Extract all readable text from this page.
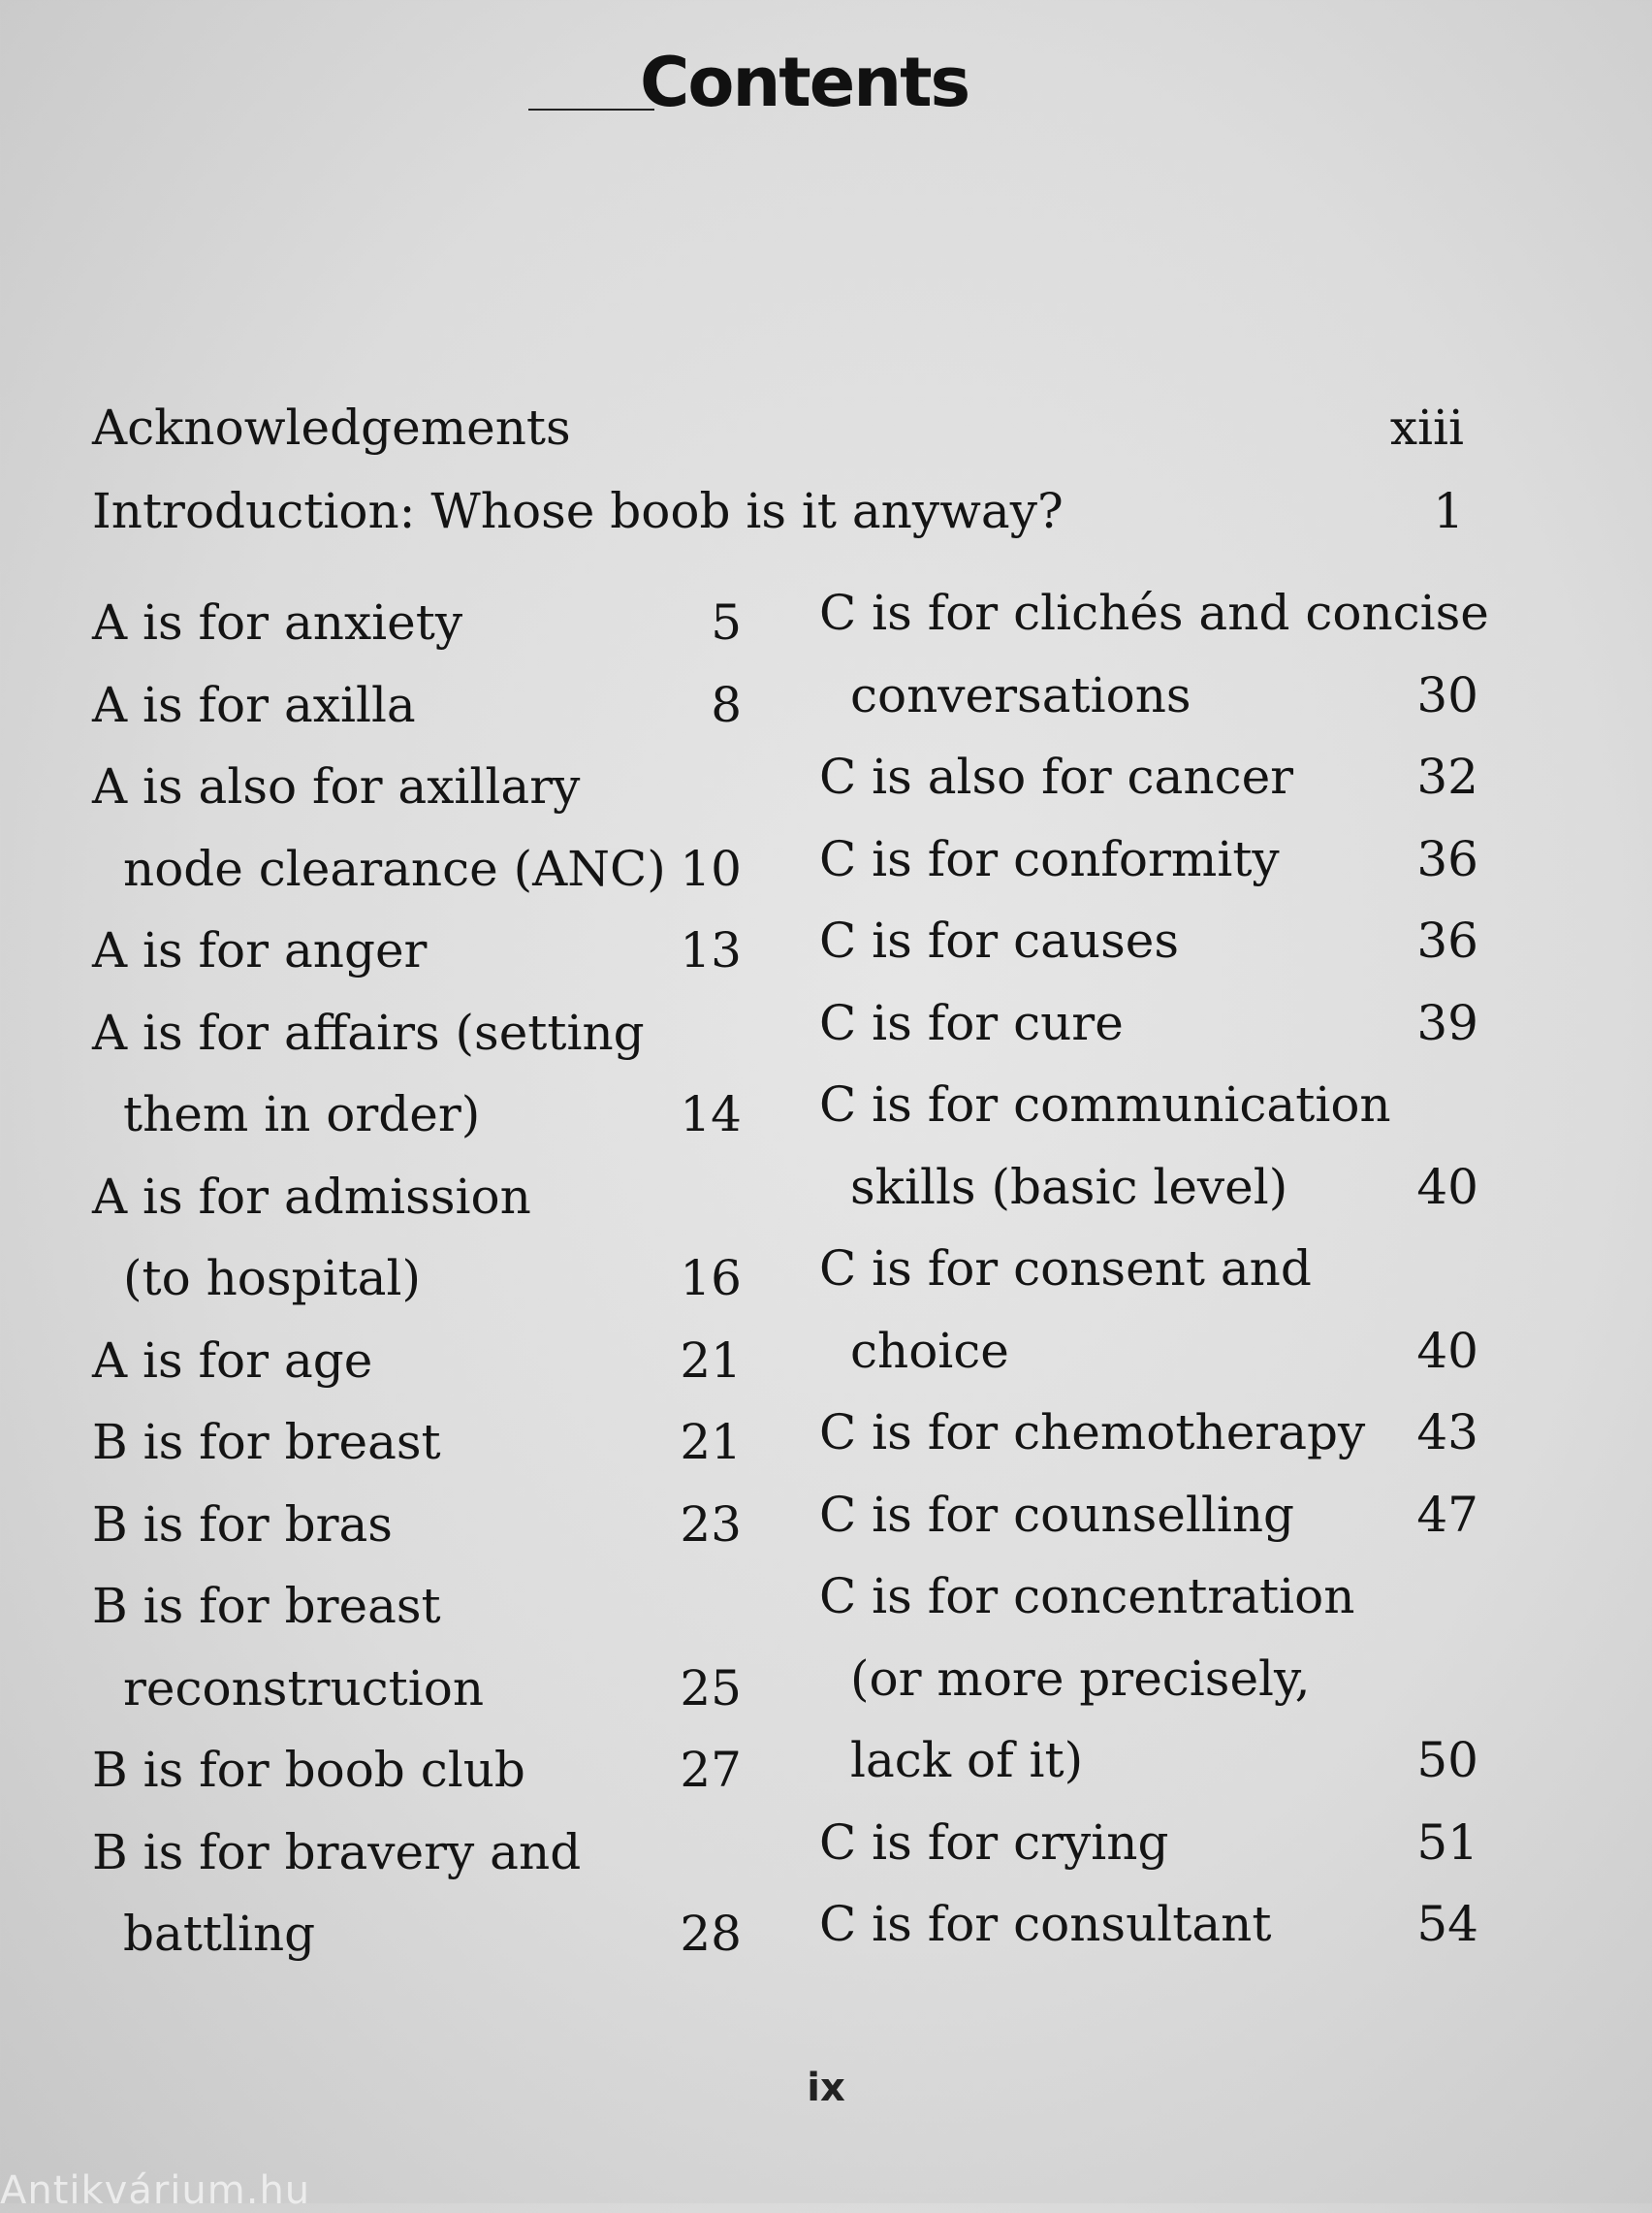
Contents
Acknowledgements	xiii
Introduction: Whose boob is it anyway?	1
A is for anxiety	5
A is for axilla	8
A is also for axillary
node clearance (ANC) 10
A is for anger	13
A is for affairs (setting
them in order)	14
A is for admission
(to hospital)	16
A is for age	21
B is for breast	21
B is for bras	23
B is for breast
reconstruction	25
B is for boob club	27
B is for bravery and
battling	28
C is for clichés and concise
conversations	30
C is also for cancer	32
C is for conformity	36
C is for causes	36
C is for cure	39
C is for communication
skills (basic level)	40
C is for consent and
choice	40
C is for chemotherapy 43
C is for counselling	47
C is for concentration
(or more precisely,
lack of it)	50
C is for crying	51
C is for consultant	54
ix
Antikvárium.hu
